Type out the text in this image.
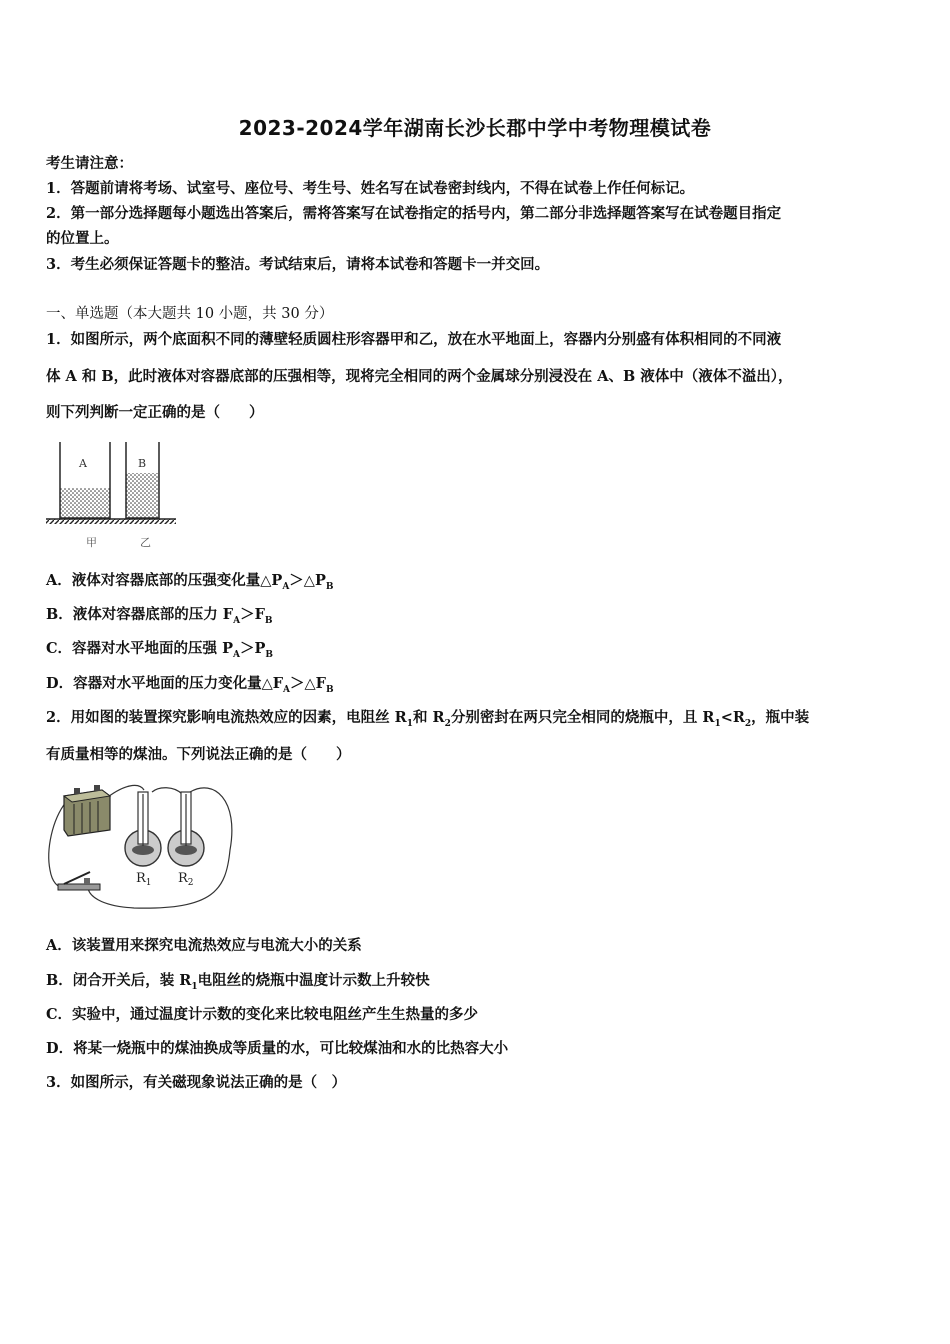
2023-2024学年湖南长沙长郡中学中考物理模试卷
考生请注意：
1．答题前请将考场、试室号、座位号、考生号、姓名写在试卷密封线内，不得在试卷上作任何标记。
2．第一部分选择题每小题选出答案后，需将答案写在试卷指定的括号内，第二部分非选择题答案写在试卷题目指定
的位置上。
3．考生必须保证答题卡的整洁。考试结束后，请将本试卷和答题卡一并交回。
一、单选题（本大题共 10 小题，共 30 分）
1．如图所示，两个底面积不同的薄壁轻质圆柱形容器甲和乙，放在水平地面上，容器内分别盛有体积相同的不同液
体 A 和 B，此时液体对容器底部的压强相等，现将完全相同的两个金属球分别浸没在 A、B 液体中（液体不溢出），
则下列判断一定正确的是（　　）
A	B
甲	乙
A．液体对容器底部的压强变化量$\triangle P_A>\triangle P_B$
B．液体对容器底部的压力 $F_A>F_B$
C．容器对水平地面的压强 $P_A>P_B$
D．容器对水平地面的压力变化量$\triangle F_A>\triangle F_B$
2．用如图的装置探究影响电流热效应的因素，电阻丝 $R_1$和 $R_2$分别密封在两只完全相同的烧瓶中，且 $R_1<R_2$，瓶中装
有质量相等的煤油。下列说法正确的是（　　）
$R_1$ $R_2$
A．该装置用来探究电流热效应与电流大小的关系
B．闭合开关后，装 $R_1$电阻丝的烧瓶中温度计示数上升较快
C．实验中，通过温度计示数的变化来比较电阻丝产生生热量的多少
D．将某一烧瓶中的煤油换成等质量的水，可比较煤油和水的比热容大小
3．如图所示，有关磁现象说法正确的是（　）
